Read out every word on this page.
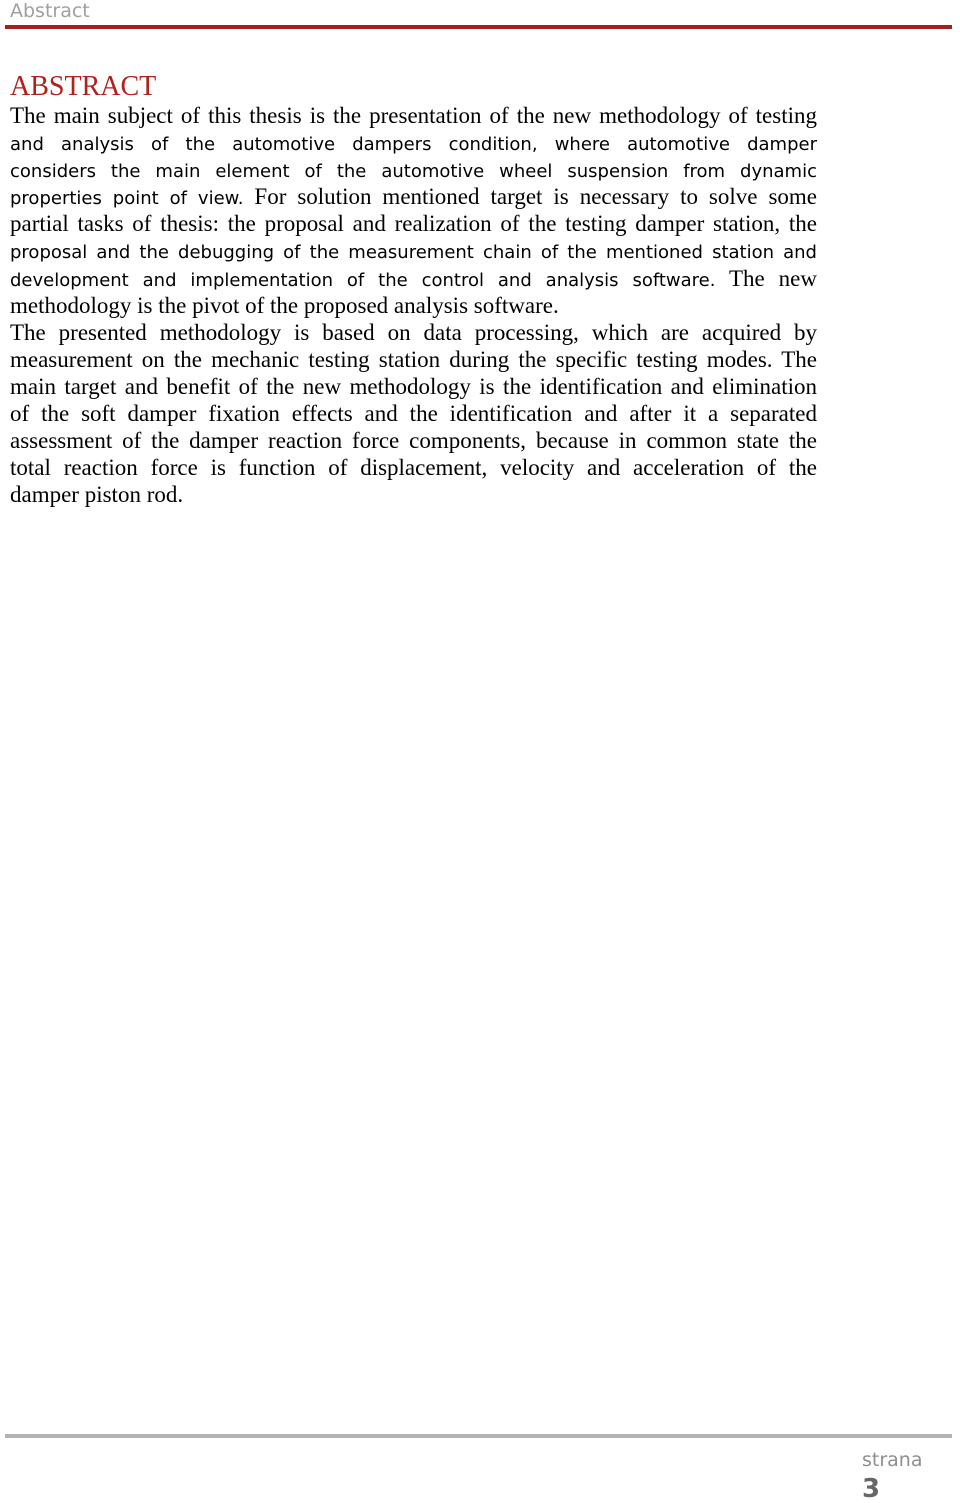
Abstract
ABSTRACT
The main subject of this thesis is the presentation of the new methodology of testing
and analysis of the automotive dampers condition, where automotive damper
considers the main element of the automotive wheel suspension from dynamic
properties point of view. For solution mentioned target is necessary to solve some
partial tasks of thesis: the proposal and realization of the testing damper station, the
proposal and the debugging of the measurement chain of the mentioned station and
development and implementation of the control and analysis software. The new
methodology is the pivot of the proposed analysis software.
The presented methodology is based on data processing, which are acquired by
measurement on the mechanic testing station during the specific testing modes. The
main target and benefit of the new methodology is the identification and elimination
of the soft damper fixation effects and the identification and after it a separated
assessment of the damper reaction force components, because in common state the
total reaction force is function of displacement, velocity and acceleration of the
damper piston rod.
strana
3
